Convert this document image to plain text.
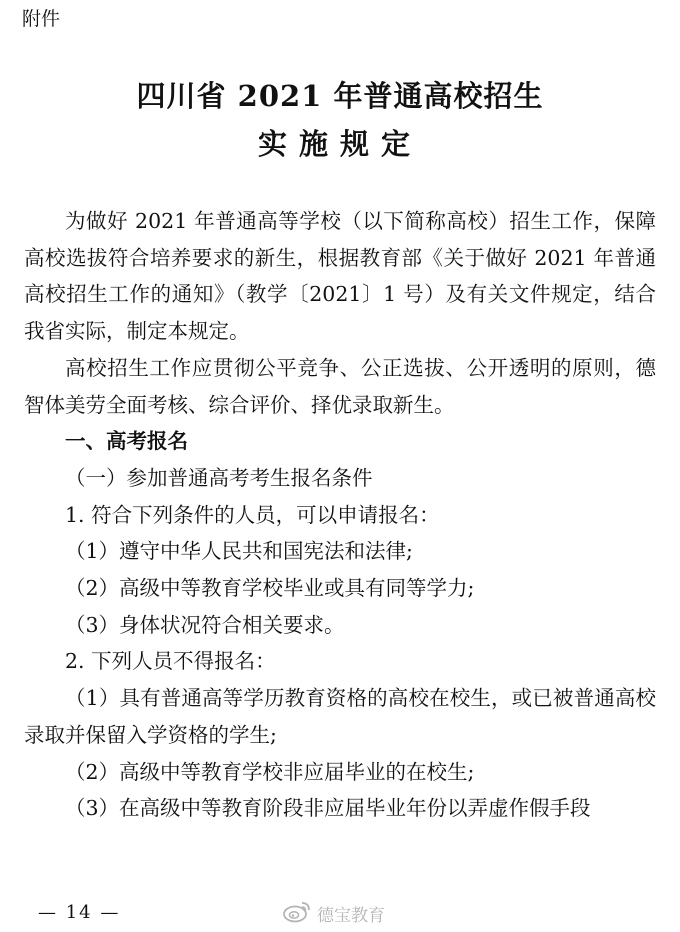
附件
四川省 2021 年普通高校招生
实施规定

为做好 2021 年普通高等学校（以下简称高校）招生工作，保障高校选拔符合培养要求的新生，根据教育部《关于做好 2021 年普通高校招生工作的通知》（教学〔2021〕1 号）及有关文件规定，结合我省实际，制定本规定。

高校招生工作应贯彻公平竞争、公正选拔、公开透明的原则，德智体美劳全面考核、综合评价、择优录取新生。

一、高考报名

（一）参加普通高考考生报名条件

1. 符合下列条件的人员，可以申请报名：

（1）遵守中华人民共和国宪法和法律;

（2）高级中等教育学校毕业或具有同等学力;

（3）身体状况符合相关要求。

2. 下列人员不得报名：

（1）具有普通高等学历教育资格的高校在校生，或已被普通高校录取并保留入学资格的学生;

（2）高级中等教育学校非应届毕业的在校生;

（3）在高级中等教育阶段非应届毕业年份以弄虚作假手段

— 14 —	德宝教育
